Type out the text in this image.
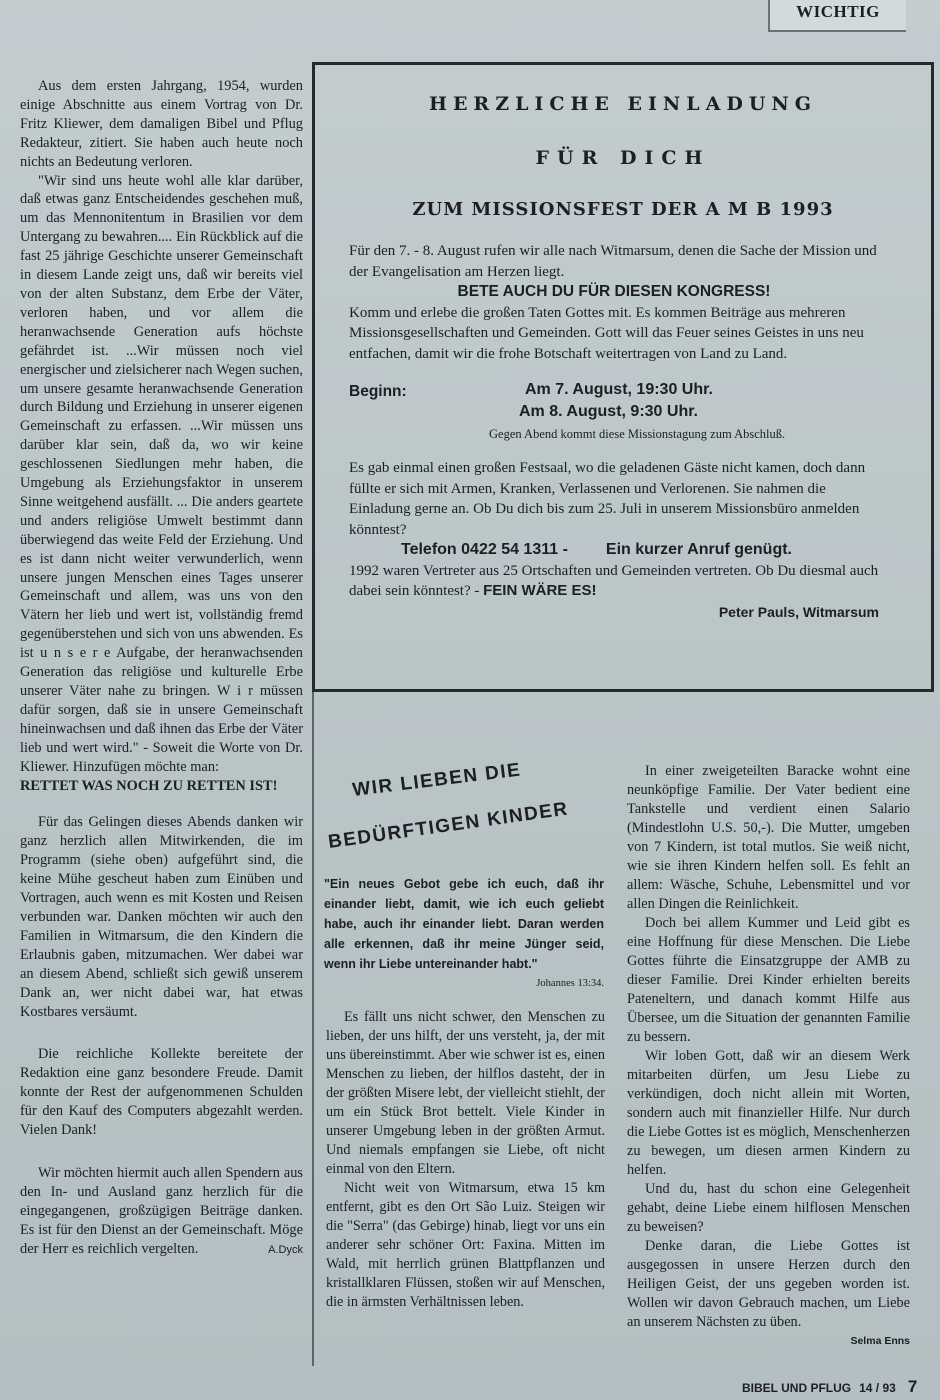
WICHTIG

Aus dem ersten Jahrgang, 1954, wurden einige Abschnitte aus einem Vortrag von Dr. Fritz Kliewer, dem damaligen Bibel und Pflug Redakteur, zitiert. Sie haben auch heute noch nichts an Bedeutung verloren.

"Wir sind uns heute wohl alle klar darüber, daß etwas ganz Entscheidendes geschehen muß, um das Mennonitentum in Brasilien vor dem Untergang zu bewahren.... Ein Rückblick auf die fast 25 jährige Geschichte unserer Gemeinschaft in diesem Lande zeigt uns, daß wir bereits viel von der alten Substanz, dem Erbe der Väter, verloren haben, und vor allem die heranwachsende Generation aufs höchste gefährdet ist. ...Wir müssen noch viel energischer und zielsicherer nach Wegen suchen, um unsere gesamte heranwachsende Generation durch Bildung und Erziehung in unserer eigenen Gemeinschaft zu erfassen. ...Wir müssen uns darüber klar sein, daß da, wo wir keine geschlossenen Siedlungen mehr haben, die Umgebung als Erziehungsfaktor in unserem Sinne weitgehend ausfällt. ... Die anders geartete und anders religiöse Umwelt bestimmt dann überwiegend das weite Feld der Erziehung. Und es ist dann nicht weiter verwunderlich, wenn unsere jungen Menschen eines Tages unserer Gemeinschaft und allem, was uns von den Vätern her lieb und wert ist, vollständig fremd gegenüberstehen und sich von uns abwenden. Es ist u n s e r e Aufgabe, der heranwachsenden Generation das religiöse und kulturelle Erbe unserer Väter nahe zu bringen. W i r müssen dafür sorgen, daß sie in unsere Gemeinschaft hineinwachsen und daß ihnen das Erbe der Väter lieb und wert wird." - Soweit die Worte von Dr. Kliewer. Hinzufügen möchte man:

RETTET WAS NOCH ZU RETTEN IST!

Für das Gelingen dieses Abends danken wir ganz herzlich allen Mitwirkenden, die im Programm (siehe oben) aufgeführt sind, die keine Mühe gescheut haben zum Einüben und Vortragen, auch wenn es mit Kosten und Reisen verbunden war. Danken möchten wir auch den Familien in Witmarsum, die den Kindern die Erlaubnis gaben, mitzumachen. Wer dabei war an diesem Abend, schließt sich gewiß unserem Dank an, wer nicht dabei war, hat etwas Kostbares versäumt.

Die reichliche Kollekte bereitete der Redaktion eine ganz besondere Freude. Damit konnte der Rest der aufgenommenen Schulden für den Kauf des Computers abgezahlt werden. Vielen Dank!

Wir möchten hiermit auch allen Spendern aus den In- und Ausland ganz herzlich für die eingegangenen, großzügigen Beiträge danken. Es ist für den Dienst an der Gemeinschaft. Möge der Herr es reichlich vergelten.	A.Dyck

HERZLICHE EINLADUNG
FÜR DICH
ZUM MISSIONSFEST DER A M B 1993

Für den 7. - 8. August rufen wir alle nach Witmarsum, denen die Sache der Mission und der Evangelisation am Herzen liegt.

BETE AUCH DU FÜR DIESEN KONGRESS!

Komm und erlebe die großen Taten Gottes mit. Es kommen Beiträge aus mehreren Missionsgesellschaften und Gemeinden. Gott will das Feuer seines Geistes in uns neu entfachen, damit wir die frohe Botschaft weitertragen von Land zu Land.

Beginn:	Am 7. August, 19:30 Uhr.
Am 8. August, 9:30 Uhr.
Gegen Abend kommt diese Missionstagung zum Abschluß.

Es gab einmal einen großen Festsaal, wo die geladenen Gäste nicht kamen, doch dann füllte er sich mit Armen, Kranken, Verlassenen und Verlorenen. Sie nahmen die Einladung gerne an. Ob Du dich bis zum 25. Juli in unserem Missionsbüro anmelden könntest?

Telefon 0422 54 1311 - Ein kurzer Anruf genügt.

1992 waren Vertreter aus 25 Ortschaften und Gemeinden vertreten. Ob Du diesmal auch dabei sein könntest? - FEIN WÄRE ES!

Peter Pauls, Witmarsum

WIR LIEBEN DIE
BEDÜRFTIGEN KINDER
"Ein neues Gebot gebe ich euch, daß ihr einander liebt, damit, wie ich euch geliebt habe, auch ihr einander liebt. Daran werden alle erkennen, daß ihr meine Jünger seid, wenn ihr Liebe untereinander habt."
Johannes 13:34.

Es fällt uns nicht schwer, den Menschen zu lieben, der uns hilft, der uns versteht, ja, der mit uns übereinstimmt. Aber wie schwer ist es, einen Menschen zu lieben, der hilflos dasteht, der in der größten Misere lebt, der vielleicht stiehlt, der um ein Stück Brot bettelt. Viele Kinder in unserer Umgebung leben in der größten Armut. Und niemals empfangen sie Liebe, oft nicht einmal von den Eltern.

Nicht weit von Witmarsum, etwa 15 km entfernt, gibt es den Ort São Luiz. Steigen wir die "Serra" (das Gebirge) hinab, liegt vor uns ein anderer sehr schöner Ort: Faxina. Mitten im Wald, mit herrlich grünen Blattpflanzen und kristallklaren Flüssen, stoßen wir auf Menschen, die in ärmsten Verhältnissen leben.

In einer zweigeteilten Baracke wohnt eine neunköpfige Familie. Der Vater bedient eine Tankstelle und verdient einen Salario (Mindestlohn U.S. 50,-). Die Mutter, umgeben von 7 Kindern, ist total mutlos. Sie weiß nicht, wie sie ihren Kindern helfen soll. Es fehlt an allem: Wäsche, Schuhe, Lebensmittel und vor allen Dingen die Reinlichkeit.

Doch bei allem Kummer und Leid gibt es eine Hoffnung für diese Menschen. Die Liebe Gottes führte die Einsatzgruppe der AMB zu dieser Familie. Drei Kinder erhielten bereits Pateneltern, und danach kommt Hilfe aus Übersee, um die Situation der genannten Familie zu bessern.

Wir loben Gott, daß wir an diesem Werk mitarbeiten dürfen, um Jesu Liebe zu verkündigen, doch nicht allein mit Worten, sondern auch mit finanzieller Hilfe. Nur durch die Liebe Gottes ist es möglich, Menschenherzen zu bewegen, um diesen armen Kindern zu helfen.

Und du, hast du schon eine Gelegenheit gehabt, deine Liebe einem hilflosen Menschen zu beweisen?

Denke daran, die Liebe Gottes ist ausgegossen in unsere Herzen durch den Heiligen Geist, der uns gegeben worden ist. Wollen wir davon Gebrauch machen, um Liebe an unserem Nächsten zu üben.

Selma Enns

BIBEL UND PFLUG 14 / 93 7
